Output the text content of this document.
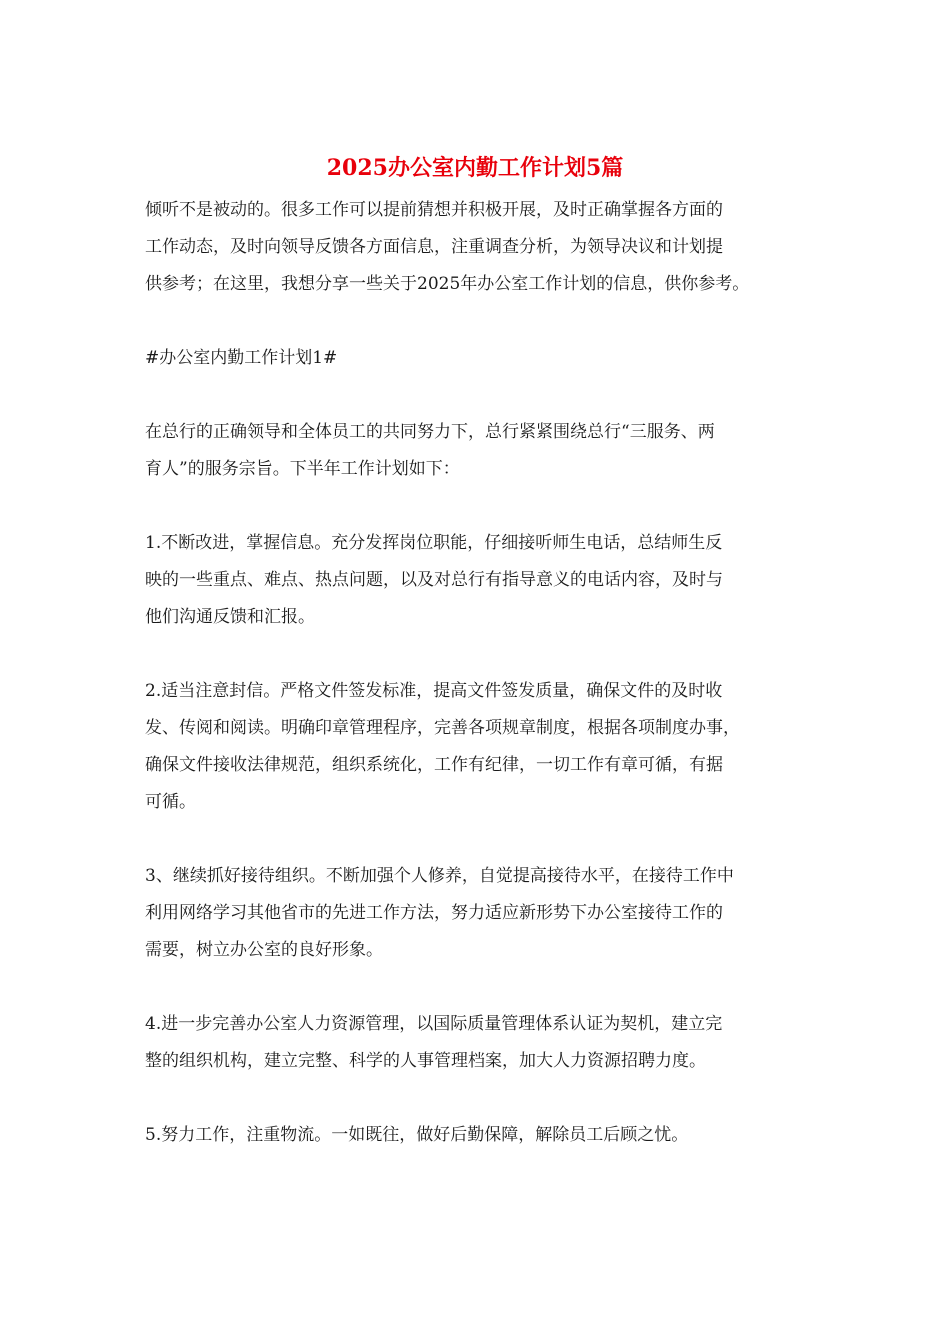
2025办公室内勤工作计划5篇

倾听不是被动的。很多工作可以提前猜想并积极开展，及时正确掌握各方面的
工作动态，及时向领导反馈各方面信息，注重调查分析，为领导决议和计划提
供参考；在这里，我想分享一些关于2025年办公室工作计划的信息，供你参考。

#办公室内勤工作计划1#

在总行的正确领导和全体员工的共同努力下，总行紧紧围绕总行“三服务、两
育人”的服务宗旨。下半年工作计划如下：

1.不断改进，掌握信息。充分发挥岗位职能，仔细接听师生电话，总结师生反
映的一些重点、难点、热点问题，以及对总行有指导意义的电话内容，及时与
他们沟通反馈和汇报。

2.适当注意封信。严格文件签发标准，提高文件签发质量，确保文件的及时收
发、传阅和阅读。明确印章管理程序，完善各项规章制度，根据各项制度办事，
确保文件接收法律规范，组织系统化，工作有纪律，一切工作有章可循，有据
可循。

3、继续抓好接待组织。不断加强个人修养，自觉提高接待水平，在接待工作中
利用网络学习其他省市的先进工作方法，努力适应新形势下办公室接待工作的
需要，树立办公室的良好形象。

4.进一步完善办公室人力资源管理，以国际质量管理体系认证为契机，建立完
整的组织机构，建立完整、科学的人事管理档案，加大人力资源招聘力度。

5.努力工作，注重物流。一如既往，做好后勤保障，解除员工后顾之忧。
